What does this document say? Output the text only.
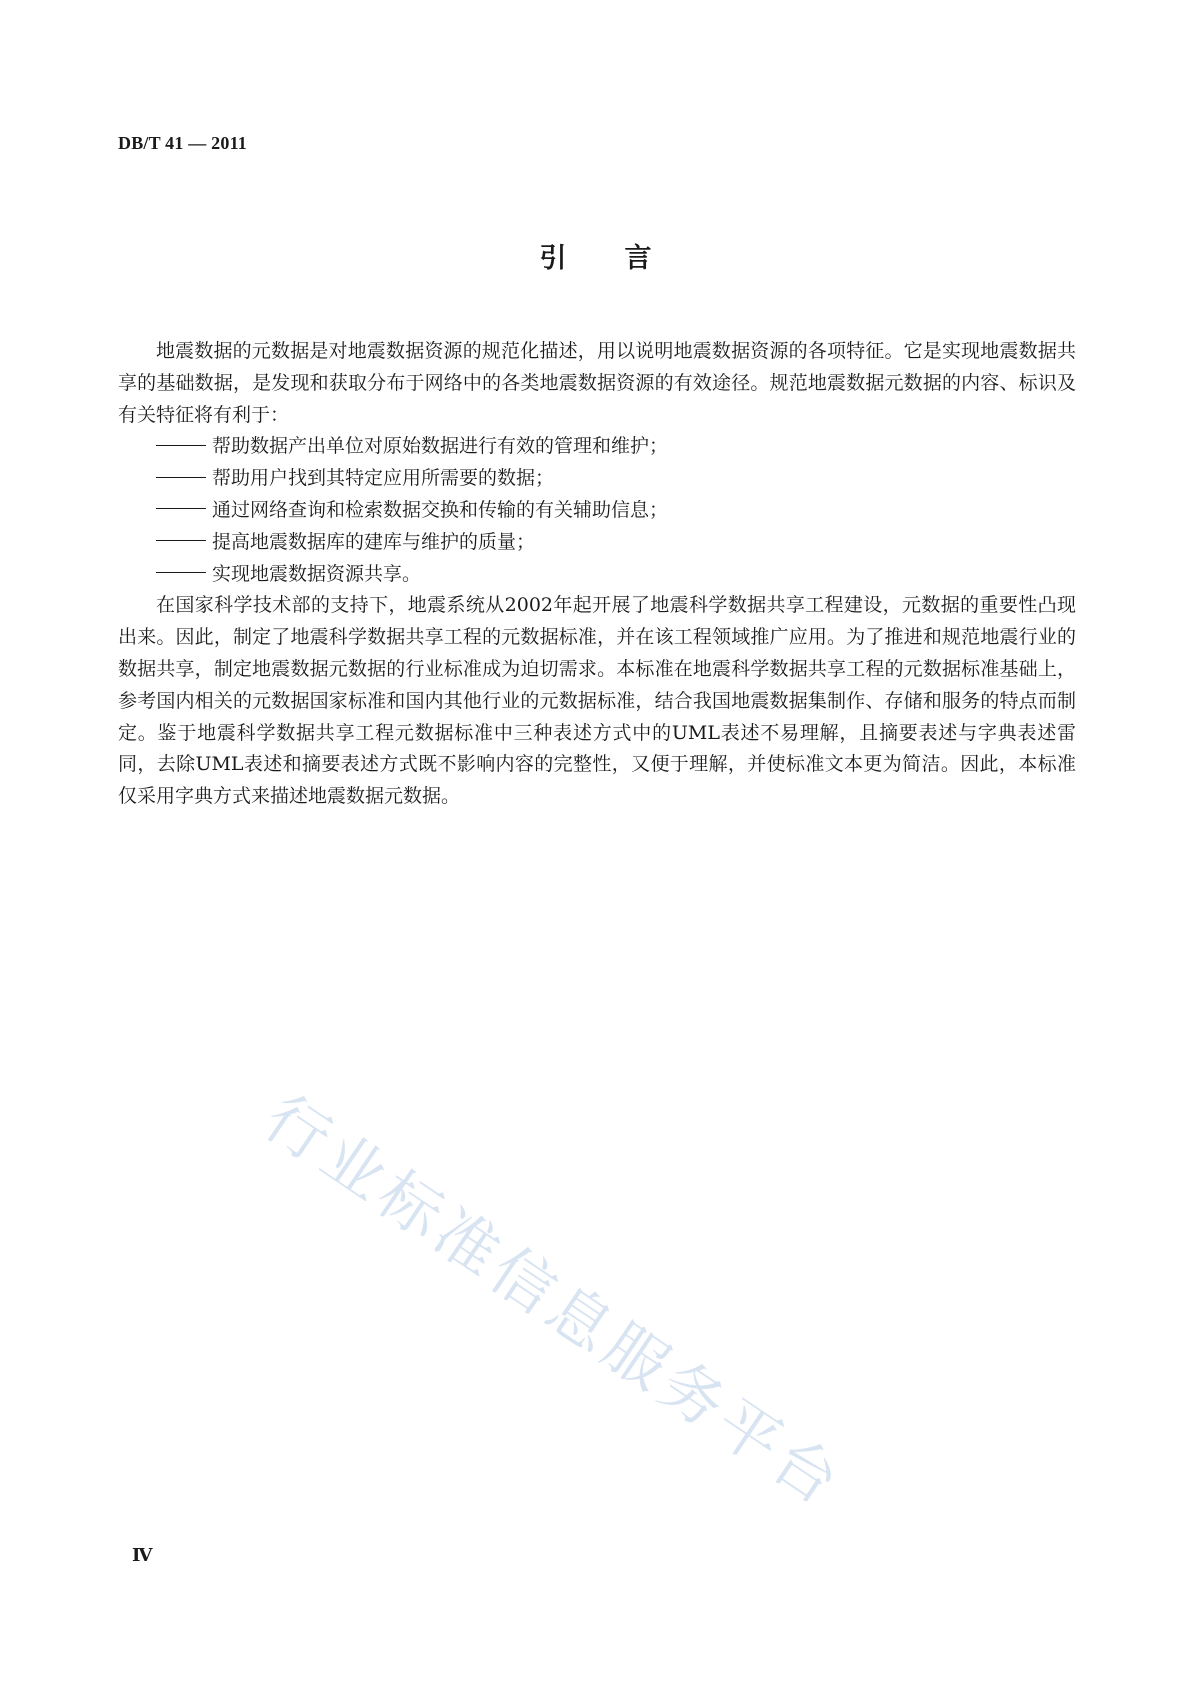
DB/T 41 — 2011
引 言

地震数据的元数据是对地震数据资源的规范化描述，用以说明地震数据资源的各项特征。它是实现地震数据共享的基础数据，是发现和获取分布于网络中的各类地震数据资源的有效途径。规范地震数据元数据的内容、标识及有关特征将有利于：

帮助数据产出单位对原始数据进行有效的管理和维护；

帮助用户找到其特定应用所需要的数据；

通过网络查询和检索数据交换和传输的有关辅助信息；

提高地震数据库的建库与维护的质量；

实现地震数据资源共享。

在国家科学技术部的支持下，地震系统从2002年起开展了地震科学数据共享工程建设，元数据的重要性凸现出来。因此，制定了地震科学数据共享工程的元数据标准，并在该工程领域推广应用。为了推进和规范地震行业的数据共享，制定地震数据元数据的行业标准成为迫切需求。本标准在地震科学数据共享工程的元数据标准基础上，参考国内相关的元数据国家标准和国内其他行业的元数据标准，结合我国地震数据集制作、存储和服务的特点而制定。鉴于地震科学数据共享工程元数据标准中三种表述方式中的UML表述不易理解，且摘要表述与字典表述雷同，去除UML表述和摘要表述方式既不影响内容的完整性，又便于理解，并使标准文本更为简洁。因此，本标准仅采用字典方式来描述地震数据元数据。

行业标准信息服务平台
Ⅳ
